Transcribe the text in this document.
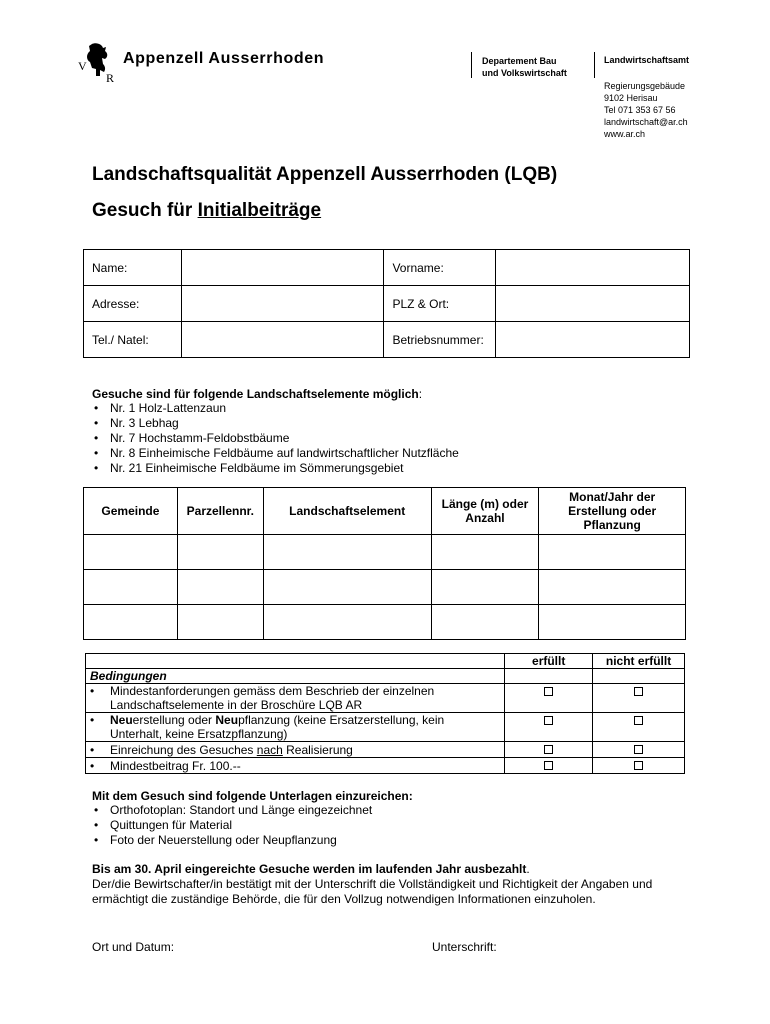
V
R
Appenzell Ausserrhoden	Departement Bau
und Volkswirtschaft
Landwirtschaftsamt
Regierungsgebäude
9102 Herisau
Tel 071 353 67 56
landwirtschaft@ar.ch
www.ar.ch
Landschaftsqualität Appenzell Ausserrhoden (LQB)
Gesuch für Initialbeiträge
Name:		Vorname:	
Adresse:		PLZ & Ort:	
Tel./ Natel:		Betriebsnummer:	
Gesuche sind für folgende Landschaftselemente möglich:
• Nr. 1 Holz-Lattenzaun
• Nr. 3 Lebhag
• Nr. 7 Hochstamm-Feldobstbäume
• Nr. 8 Einheimische Feldbäume auf landwirtschaftlicher Nutzfläche
• Nr. 21 Einheimische Feldbäume im Sömmerungsgebiet
Gemeinde	Parzellennr.	Landschaftselement	Länge (m) oder Anzahl	Monat/Jahr der Erstellung oder Pflanzung

	erfüllt	nicht erfüllt
Bedingungen		
• Mindestanforderungen gemäss dem Beschrieb der einzelnen
Landschaftselemente in der Broschüre LQB AR		
• Neuerstellung oder Neupflanzung (keine Ersatzerstellung, kein
Unterhalt, keine Ersatzpflanzung)		
• Einreichung des Gesuches nach Realisierung		
• Mindestbeitrag Fr. 100.--		
Mit dem Gesuch sind folgende Unterlagen einzureichen:
• Orthofotoplan: Standort und Länge eingezeichnet
• Quittungen für Material
• Foto der Neuerstellung oder Neupflanzung
Bis am 30. April eingereichte Gesuche werden im laufenden Jahr ausbezahlt.
Der/die Bewirtschafter/in bestätigt mit der Unterschrift die Vollständigkeit und Richtigkeit der Angaben und
ermächtigt die zuständige Behörde, die für den Vollzug notwendigen Informationen einzuholen.
Ort und Datum:	Unterschrift:
